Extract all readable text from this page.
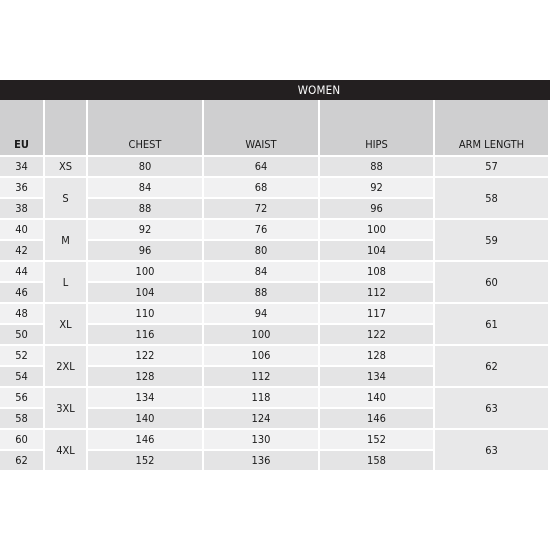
WOMEN
EU		CHEST	WAIST	HIPS	ARM LENGTH
34	XS	80	64	88	57
36	S	84	68	92	58
38		88	72	96	
40	M	92	76	100	59
42		96	80	104	
44	L	100	84	108	60
46		104	88	112	
48	XL	110	94	117	61
50		116	100	122	
52	2XL	122	106	128	62
54		128	112	134	
56	3XL	134	118	140	63
58		140	124	146	
60	4XL	146	130	152	63
62		152	136	158	
